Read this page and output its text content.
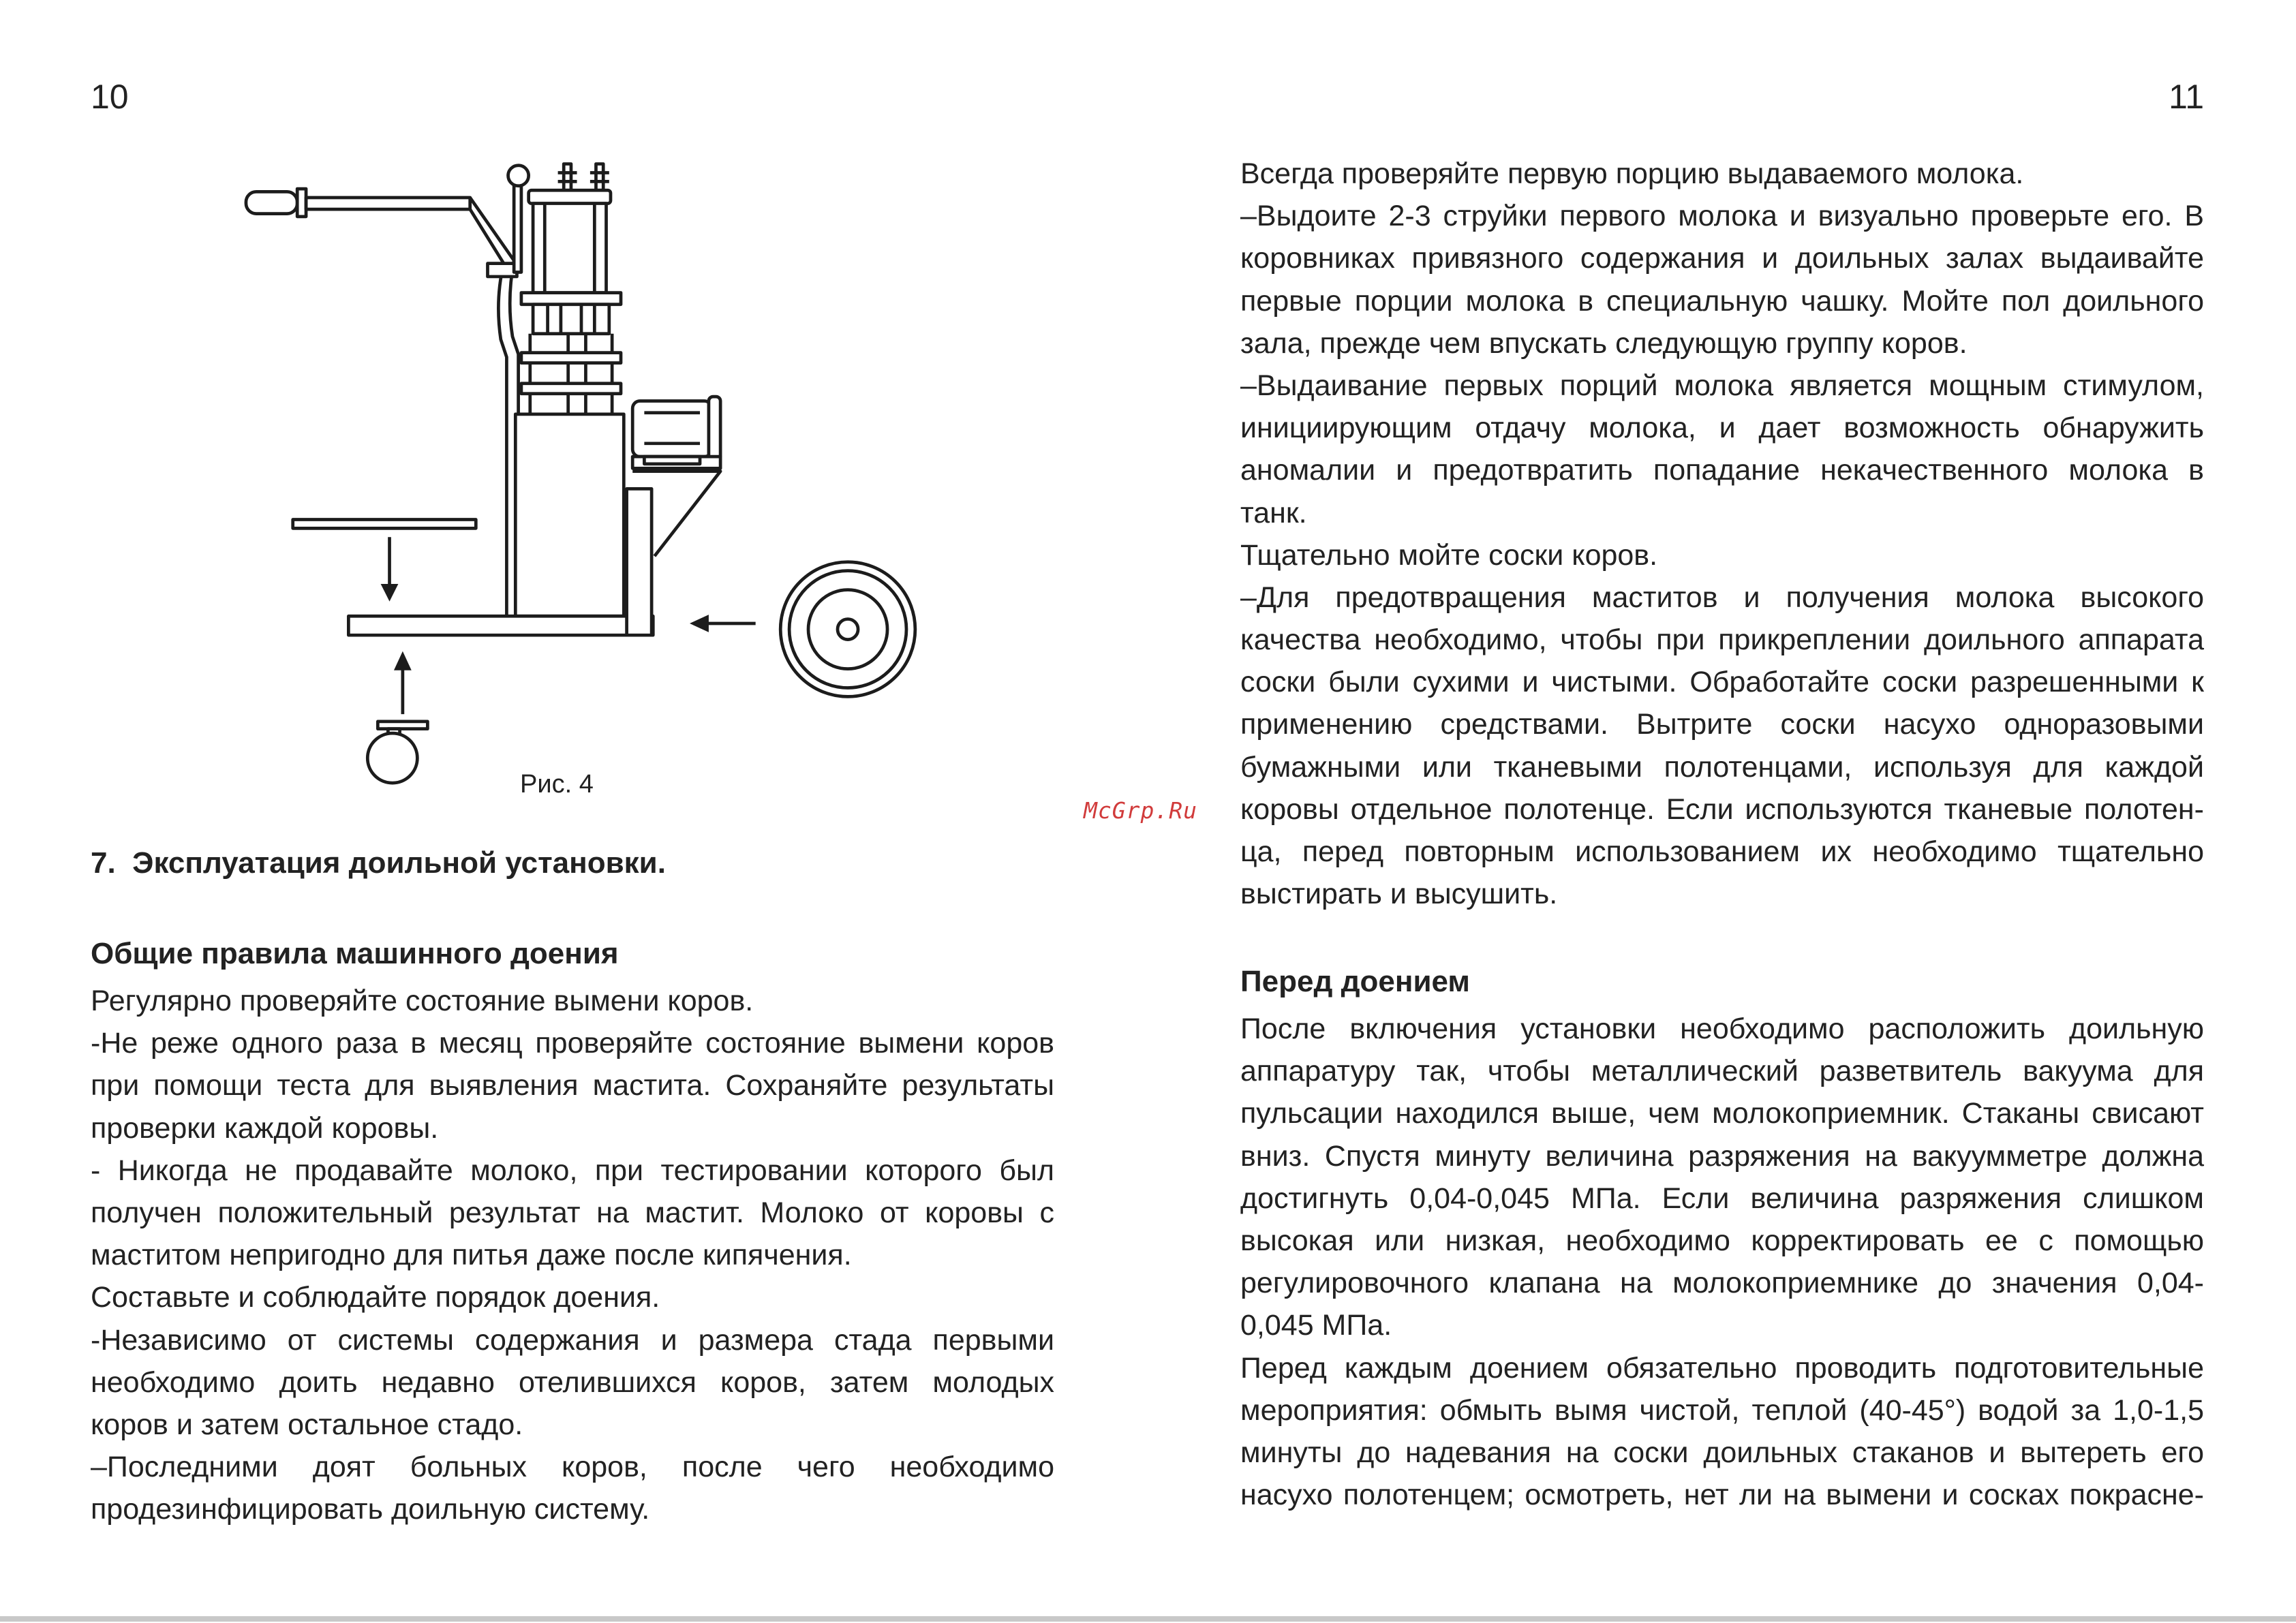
10
Рис. 4
7.  Эксплуатация доильной установки.
Общие правила машинного доения
Регулярно проверяйте состояние вымени коров.
-Не реже одного раза в месяц проверяйте состояние вымени коров
при помощи теста для выявления мастита. Сохраняйте результаты
проверки каждой коровы.
- Никогда не продавайте молоко, при тестировании которого был
получен положительный результат на мастит. Молоко от коровы с
маститом непригодно для питья даже после кипячения.
Составьте и соблюдайте порядок доения.
-Независимо от системы содержания и размера стада первыми
необходимо доить недавно отелившихся коров, затем молодых
коров и затем остальное стадо.
–Последними доят больных коров, после чего необходимо
продезинфицировать доильную систему.
11
Всегда проверяйте первую порцию выдаваемого молока.
–Выдоите 2-3 струйки первого молока и визуально проверьте его. В
коровниках привязного содержания и доильных залах выдаивайте
первые порции молока в специальную чашку. Мойте пол доильного
зала, прежде чем впускать следующую группу коров.
–Выдаивание первых порций молока является мощным стимулом,
инициирующим отдачу молока, и дает возможность обнаружить
аномалии и предотвратить попадание некачественного молока в
танк.
Тщательно мойте соски коров.
–Для предотвращения маститов и получения молока высокого
качества необходимо, чтобы при прикреплении доильного аппарата
соски были сухими и чистыми. Обработайте соски разрешенными к
применению средствами. Вытрите соски насухо одноразовыми
бумажными или тканевыми полотенцами, используя для каждой
коровы отдельное полотенце. Если используются тканевые полотен-
ца, перед повторным использованием их необходимо тщательно
выстирать и высушить.
Перед доением
После включения установки необходимо расположить доильную
аппаратуру так, чтобы металлический разветвитель вакуума для
пульсации находился выше, чем молокоприемник. Стаканы свисают
вниз. Спустя минуту величина разряжения на вакуумметре должна
достигнуть 0,04-0,045 МПа. Если величина разряжения слишком
высокая или низкая, необходимо корректировать ее с помощью
регулировочного клапана на молокоприемнике до значения 0,04-
0,045 МПа.
Перед каждым доением обязательно проводить подготовительные
мероприятия: обмыть вымя чистой, теплой (40-45°) водой за 1,0-1,5
минуты до надевания на соски доильных стаканов и вытереть его
насухо полотенцем; осмотреть, нет ли на вымени и сосках покрасне-
McGrp.Ru
